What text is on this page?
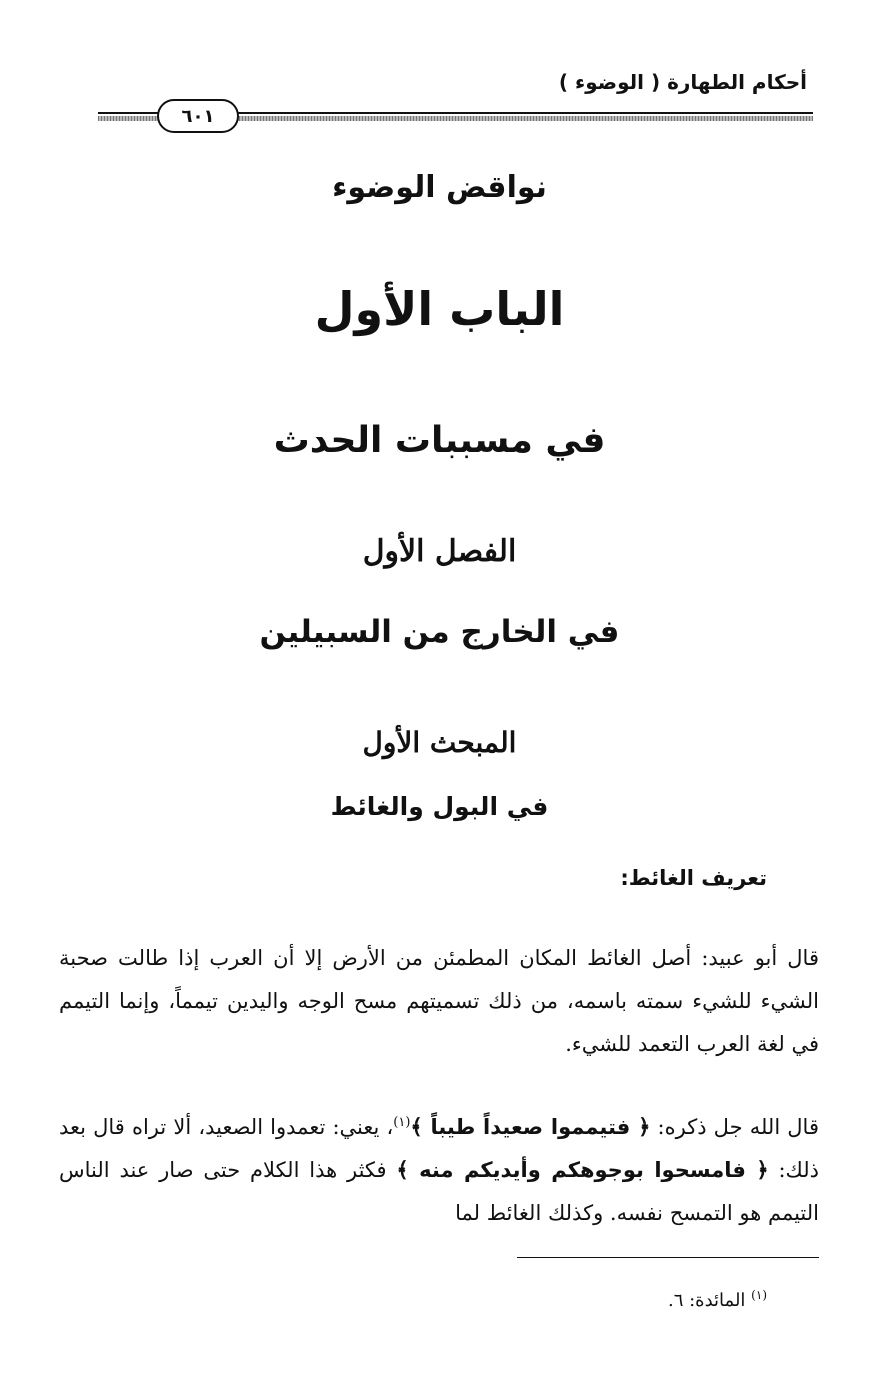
أحكام الطهارة ( الوضوء )
٦٠١
نواقض الوضوء
الباب الأول
في مسببات الحدث
الفصل الأول
في الخارج من السبيلين
المبحث الأول
في البول والغائط
تعريف الغائط:

قال أبو عبيد: أصل الغائط المكان المطمئن من الأرض إلا أن العرب إذا طالت صحبة الشيء للشيء سمته باسمه، من ذلك تسميتهم مسح الوجه واليدين تيمماً، وإنما التيمم في لغة العرب التعمد للشيء.

قال الله جل ذكره: ﴿ فتيمموا صعيداً طيباً ﴾$^{(١)}$، يعني: تعمدوا الصعيد، ألا تراه قال بعد ذلك: ﴿ فامسحوا بوجوهكم وأيديكم منه ﴾ فكثر هذا الكلام حتى صار عند الناس التيمم هو التمسح نفسه. وكذلك الغائط لما

$^{(١)}$ المائدة: ٦.
